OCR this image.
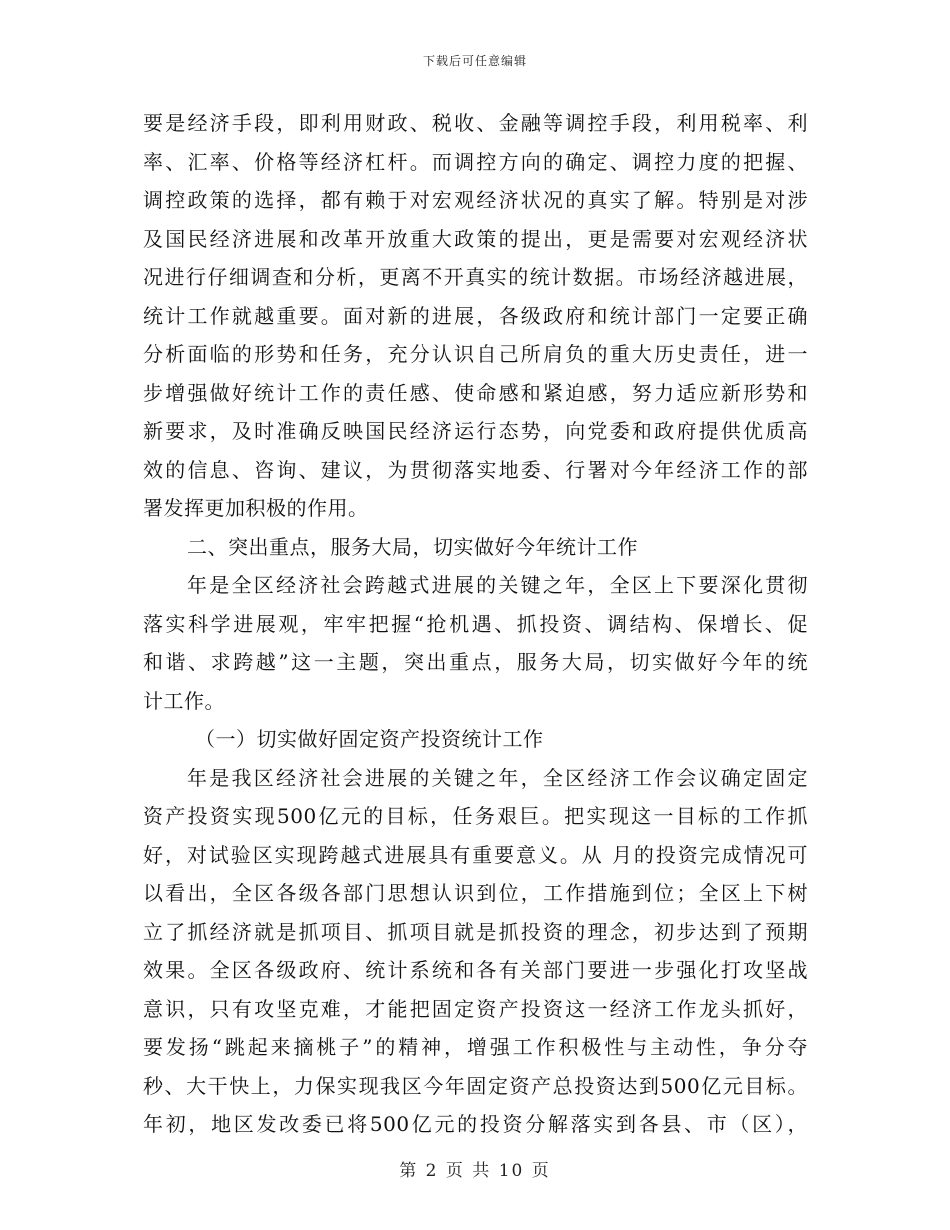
下载后可任意编辑
要是经济手段，即利用财政、税收、金融等调控手段，利用税率、利
率、汇率、价格等经济杠杆。而调控方向的确定、调控力度的把握、
调控政策的选择，都有赖于对宏观经济状况的真实了解。特别是对涉
及国民经济进展和改革开放重大政策的提出，更是需要对宏观经济状
况进行仔细调查和分析，更离不开真实的统计数据。市场经济越进展，
统计工作就越重要。面对新的进展，各级政府和统计部门一定要正确
分析面临的形势和任务，充分认识自己所肩负的重大历史责任，进一
步增强做好统计工作的责任感、使命感和紧迫感，努力适应新形势和
新要求，及时准确反映国民经济运行态势，向党委和政府提供优质高
效的信息、咨询、建议，为贯彻落实地委、行署对今年经济工作的部
署发挥更加积极的作用。
二、突出重点，服务大局，切实做好今年统计工作
年是全区经济社会跨越式进展的关键之年，全区上下要深化贯彻
落实科学进展观，牢牢把握“抢机遇、抓投资、调结构、保增长、促
和谐、求跨越”这一主题，突出重点，服务大局，切实做好今年的统
计工作。
（一）切实做好固定资产投资统计工作
年是我区经济社会进展的关键之年，全区经济工作会议确定固定
资产投资实现500亿元的目标，任务艰巨。把实现这一目标的工作抓
好，对试验区实现跨越式进展具有重要意义。从 月的投资完成情况可
以看出，全区各级各部门思想认识到位，工作措施到位；全区上下树
立了抓经济就是抓项目、抓项目就是抓投资的理念，初步达到了预期
效果。全区各级政府、统计系统和各有关部门要进一步强化打攻坚战
意识，只有攻坚克难，才能把固定资产投资这一经济工作龙头抓好，
要发扬“跳起来摘桃子”的精神，增强工作积极性与主动性，争分夺
秒、大干快上，力保实现我区今年固定资产总投资达到500亿元目标。
年初，地区发改委已将500亿元的投资分解落实到各县、市（区），
第 2 页 共 10 页
